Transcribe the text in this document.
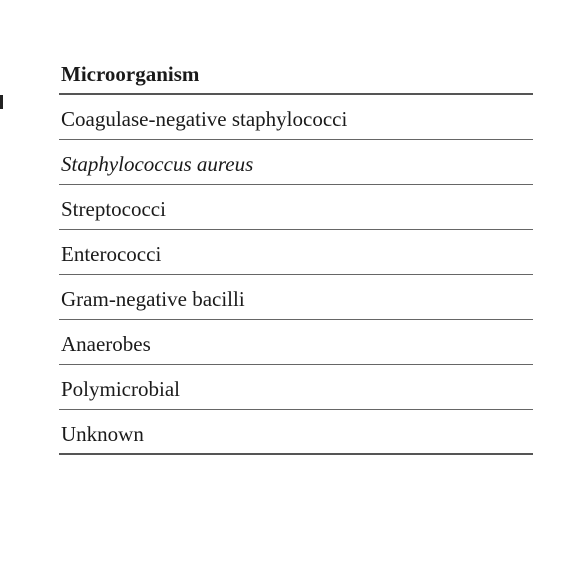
Microorganism
Coagulase-negative staphylococci
Staphylococcus aureus
Streptococci
Enterococci
Gram-negative bacilli
Anaerobes
Polymicrobial
Unknown
